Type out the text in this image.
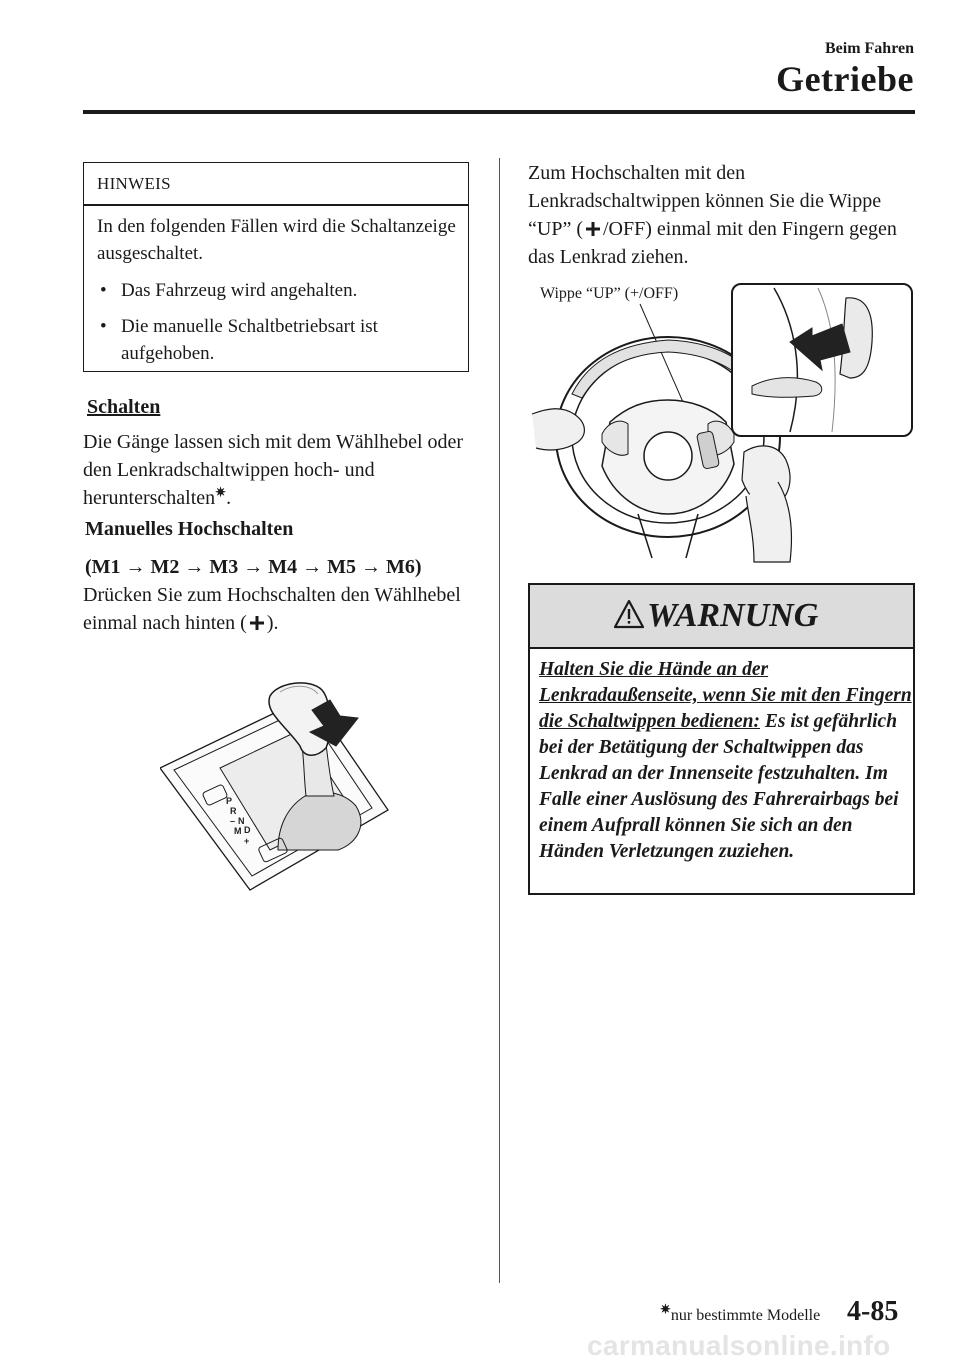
Beim Fahren
Getriebe
HINWEIS
In den folgenden Fällen wird die Schaltanzeige ausgeschaltet.
• Das Fahrzeug wird angehalten.
• Die manuelle Schaltbetriebsart ist aufgehoben.
Schalten
Die Gänge lassen sich mit dem Wählhebel oder den Lenkradschaltwippen hoch- und herunterschalten✷.
Manuelles Hochschalten
(M1 → M2 → M3 → M4 → M5 → M6)
Drücken Sie zum Hochschalten den Wählhebel einmal nach hinten ( ).
P
R
– N
M D
+
Zum Hochschalten mit den Lenkradschaltwippen können Sie die Wippe “UP” ( /OFF) einmal mit den Fingern gegen das Lenkrad ziehen.
Wippe “UP” (+/OFF)
WARNUNG
Halten Sie die Hände an der Lenkradaußenseite, wenn Sie mit den Fingern die Schaltwippen bedienen: Es ist gefährlich bei der Betätigung der Schaltwippen das Lenkrad an der Innenseite festzuhalten. Im Falle einer Auslösung des Fahrerairbags bei einem Aufprall können Sie sich an den Händen Verletzungen zuziehen.
✷nur bestimmte Modelle 4-85
carmanualsonline.info
